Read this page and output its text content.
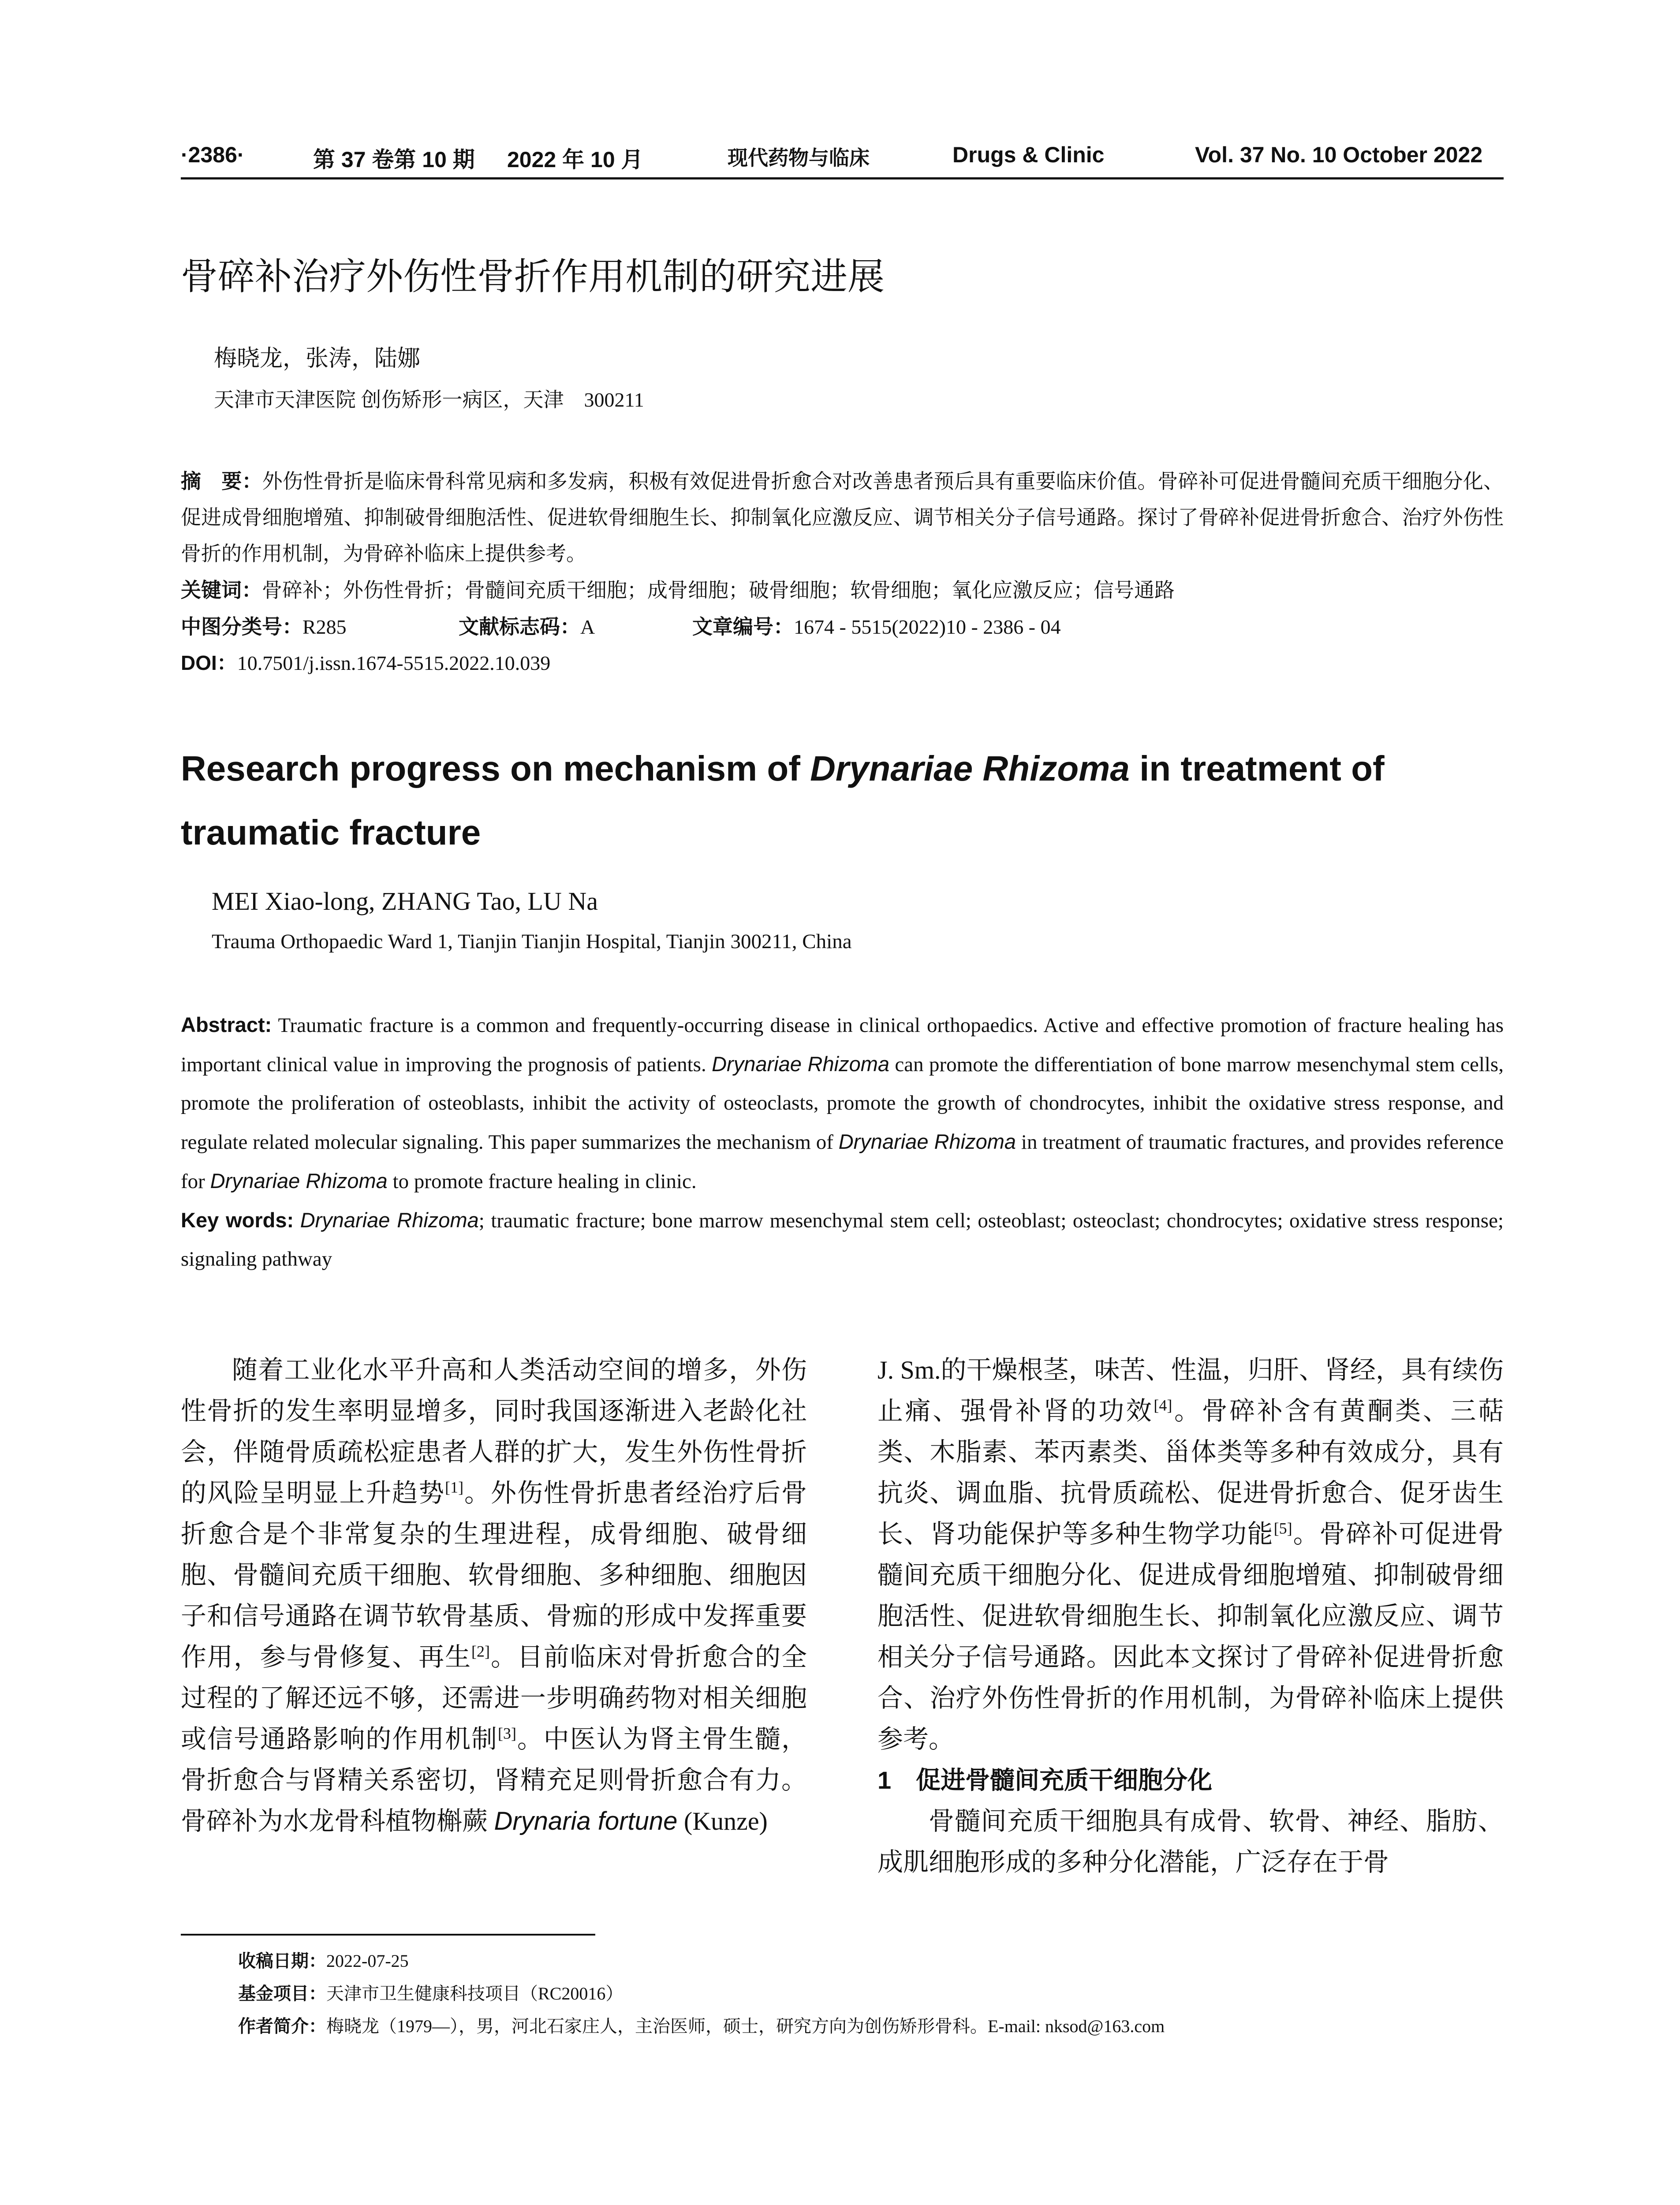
·2386·	第 37 卷第 10 期 2022 年 10 月	现代药物与临床	Drugs & Clinic	Vol. 37 No. 10 October 2022
骨碎补治疗外伤性骨折作用机制的研究进展
梅晓龙，张涛，陆娜
天津市天津医院 创伤矫形一病区，天津　300211

摘　要：外伤性骨折是临床骨科常见病和多发病，积极有效促进骨折愈合对改善患者预后具有重要临床价值。骨碎补可促进骨髓间充质干细胞分化、促进成骨细胞增殖、抑制破骨细胞活性、促进软骨细胞生长、抑制氧化应激反应、调节相关分子信号通路。探讨了骨碎补促进骨折愈合、治疗外伤性骨折的作用机制，为骨碎补临床上提供参考。

关键词：骨碎补；外伤性骨折；骨髓间充质干细胞；成骨细胞；破骨细胞；软骨细胞；氧化应激反应；信号通路

中图分类号：R285	文献标志码：A	文章编号：1674 - 5515(2022)10 - 2386 - 04

DOI：10.7501/j.issn.1674-5515.2022.10.039

Research progress on mechanism of Drynariae Rhizoma in treatment of traumatic fracture
MEI Xiao-long, ZHANG Tao, LU Na
Trauma Orthopaedic Ward 1, Tianjin Tianjin Hospital, Tianjin 300211, China

Abstract: Traumatic fracture is a common and frequently-occurring disease in clinical orthopaedics. Active and effective promotion of fracture healing has important clinical value in improving the prognosis of patients. Drynariae Rhizoma can promote the differentiation of bone marrow mesenchymal stem cells, promote the proliferation of osteoblasts, inhibit the activity of osteoclasts, promote the growth of chondrocytes, inhibit the oxidative stress response, and regulate related molecular signaling. This paper summarizes the mechanism of Drynariae Rhizoma in treatment of traumatic fractures, and provides reference for Drynariae Rhizoma to promote fracture healing in clinic.

Key words: Drynariae Rhizoma; traumatic fracture; bone marrow mesenchymal stem cell; osteoblast; osteoclast; chondrocytes; oxidative stress response; signaling pathway

随着工业化水平升高和人类活动空间的增多，外伤性骨折的发生率明显增多，同时我国逐渐进入老龄化社会，伴随骨质疏松症患者人群的扩大，发生外伤性骨折的风险呈明显上升趋势[1]。外伤性骨折患者经治疗后骨折愈合是个非常复杂的生理进程，成骨细胞、破骨细胞、骨髓间充质干细胞、软骨细胞、多种细胞、细胞因子和信号通路在调节软骨基质、骨痂的形成中发挥重要作用，参与骨修复、再生[2]。目前临床对骨折愈合的全过程的了解还远不够，还需进一步明确药物对相关细胞或信号通路影响的作用机制[3]。中医认为肾主骨生髓，骨折愈合与肾精关系密切，肾精充足则骨折愈合有力。骨碎补为水龙骨科植物槲蕨 Drynaria fortune (Kunze)

J. Sm.的干燥根茎，味苦、性温，归肝、肾经，具有续伤止痛、强骨补肾的功效[4]。骨碎补含有黄酮类、三萜类、木脂素、苯丙素类、甾体类等多种有效成分，具有抗炎、调血脂、抗骨质疏松、促进骨折愈合、促牙齿生长、肾功能保护等多种生物学功能[5]。骨碎补可促进骨髓间充质干细胞分化、促进成骨细胞增殖、抑制破骨细胞活性、促进软骨细胞生长、抑制氧化应激反应、调节相关分子信号通路。因此本文探讨了骨碎补促进骨折愈合、治疗外伤性骨折的作用机制，为骨碎补临床上提供参考。

1　促进骨髓间充质干细胞分化

骨髓间充质干细胞具有成骨、软骨、神经、脂肪、成肌细胞形成的多种分化潜能，广泛存在于骨

收稿日期：2022-07-25
基金项目：天津市卫生健康科技项目（RC20016）
作者简介：梅晓龙（1979—），男，河北石家庄人，主治医师，硕士，研究方向为创伤矫形骨科。E-mail: nksod@163.com
